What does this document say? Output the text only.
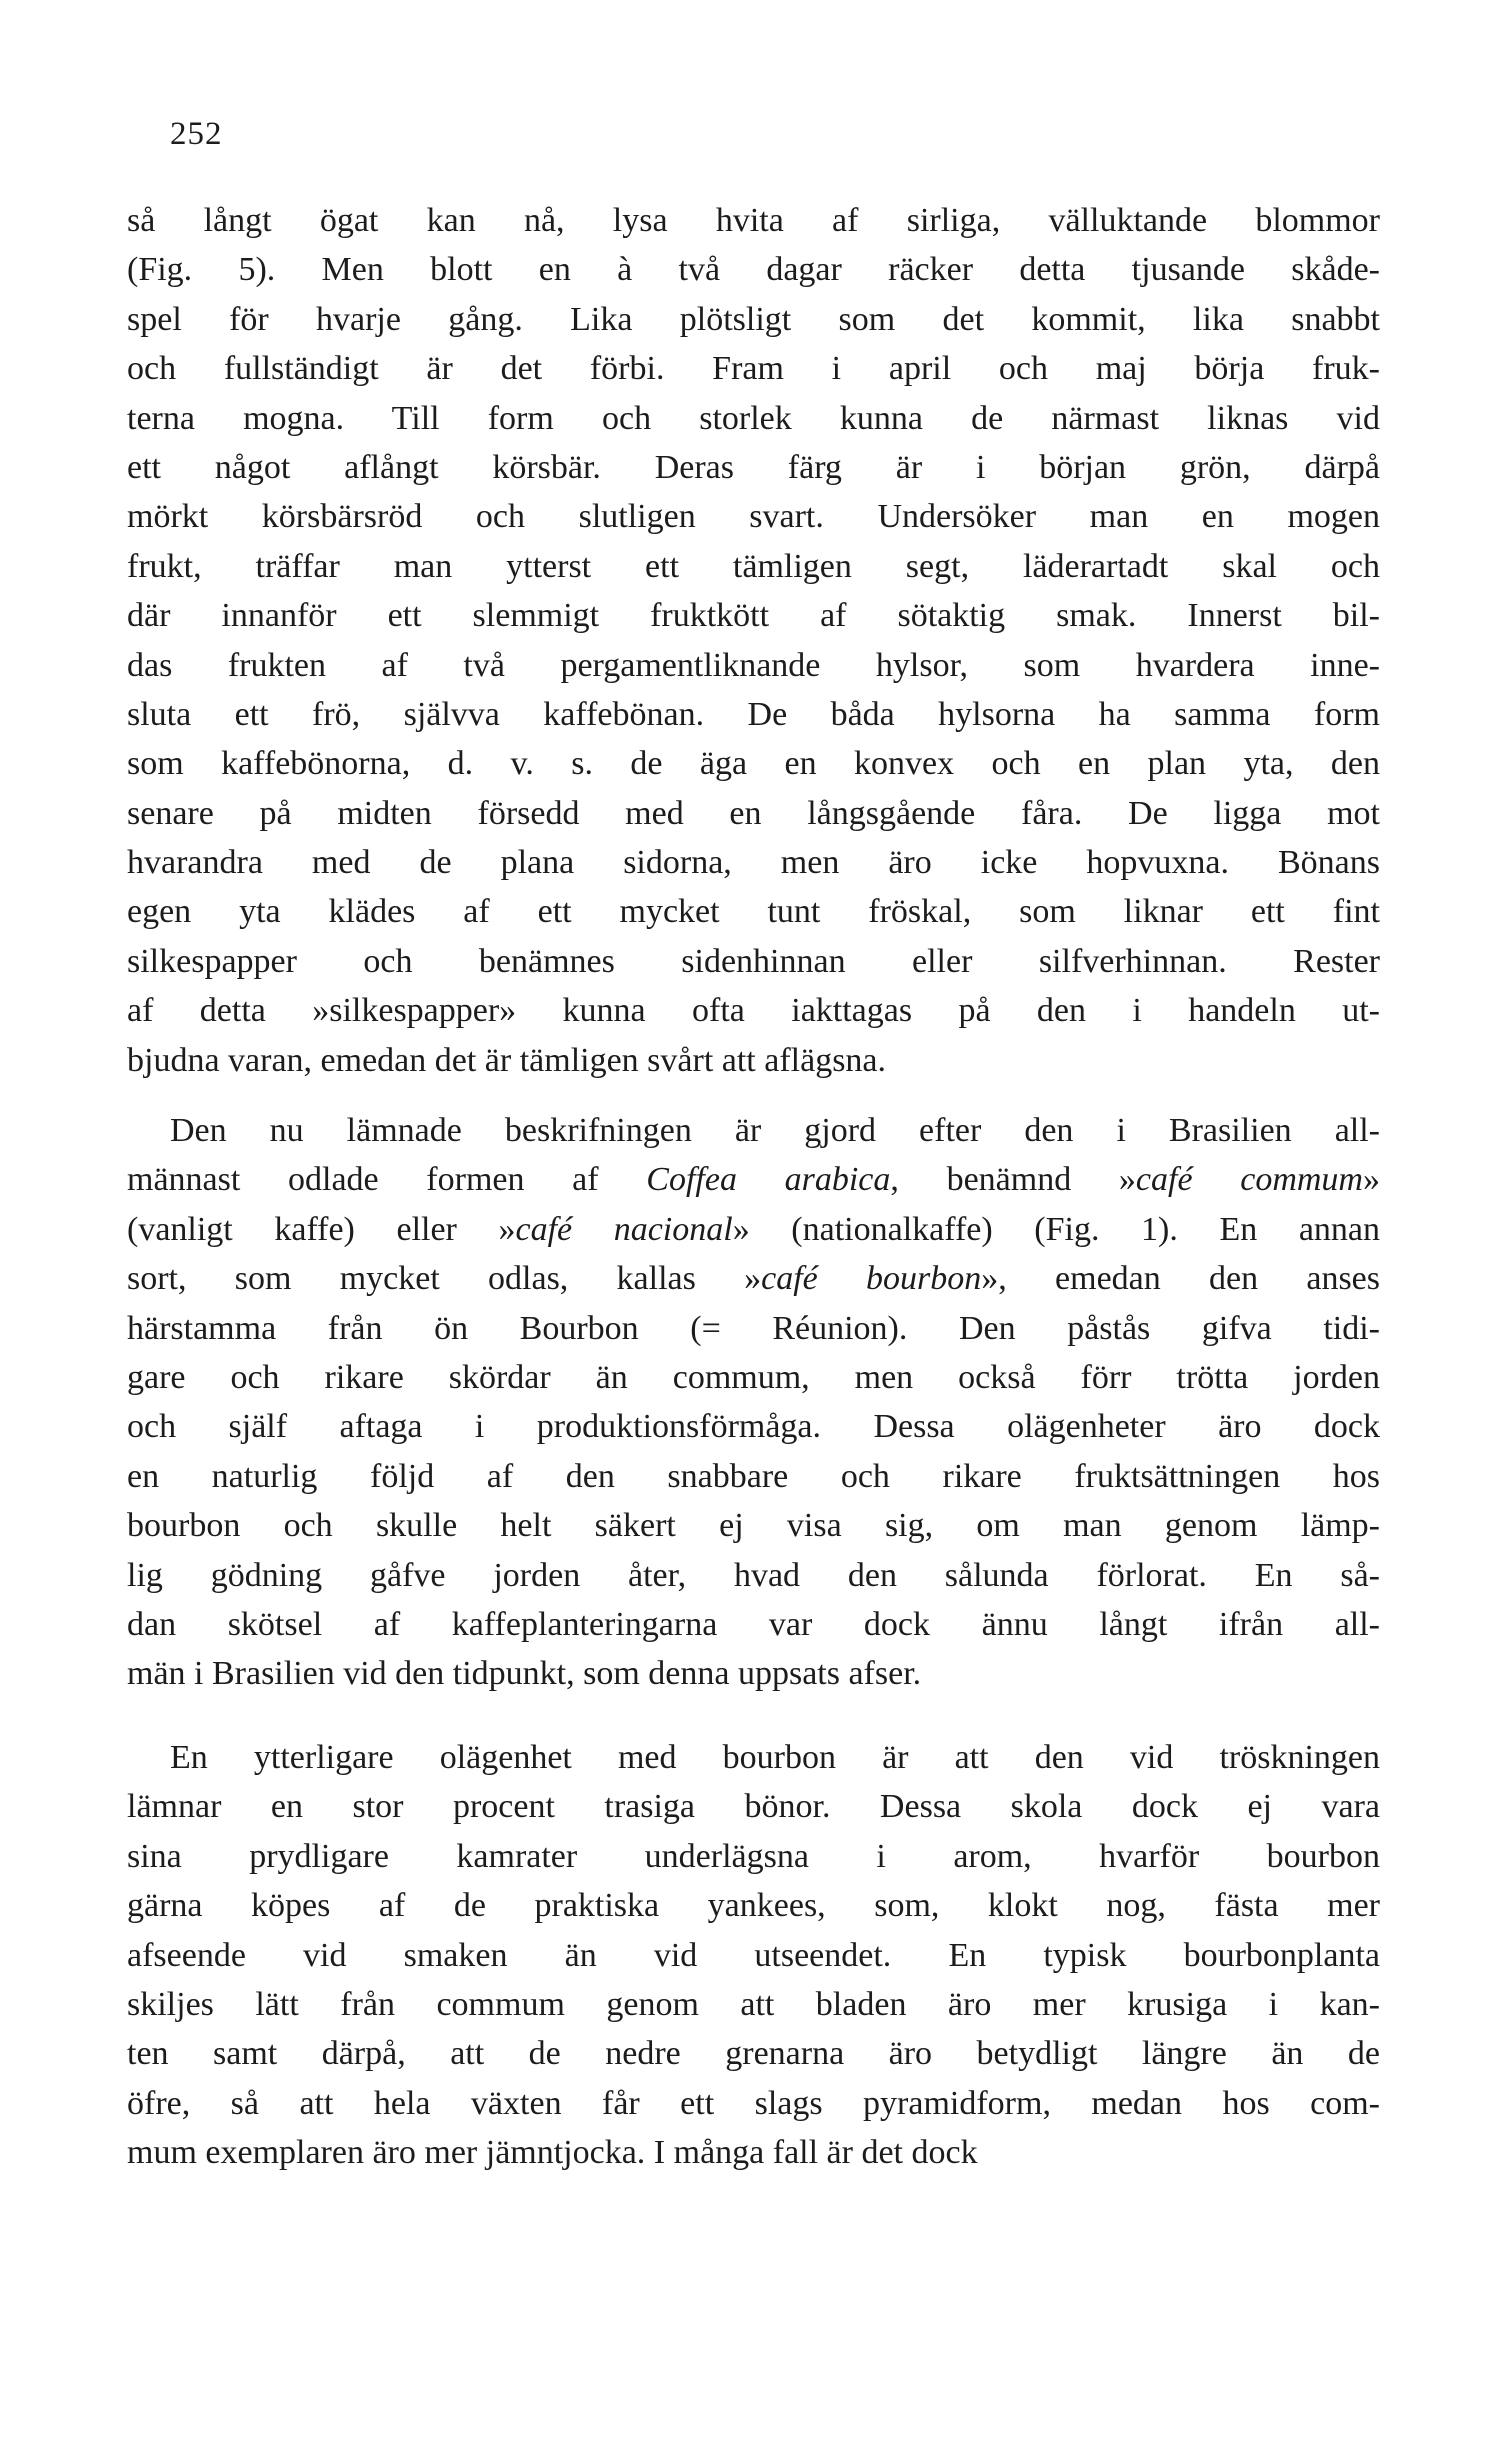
252
så långt ögat kan nå, lysa hvita af sirliga, välluktande blommor
(Fig. 5). Men blott en à två dagar räcker detta tjusande skåde-
spel för hvarje gång. Lika plötsligt som det kommit, lika snabbt
och fullständigt är det förbi. Fram i april och maj börja fruk-
terna mogna. Till form och storlek kunna de närmast liknas vid
ett något aflångt körsbär. Deras färg är i början grön, därpå
mörkt körsbärsröd och slutligen svart. Undersöker man en mogen
frukt, träffar man ytterst ett tämligen segt, läderartadt skal och
där innanför ett slemmigt fruktkött af sötaktig smak. Innerst bil-
das frukten af två pergamentliknande hylsor, som hvardera inne-
sluta ett frö, självva kaffebönan. De båda hylsorna ha samma form
som kaffebönorna, d. v. s. de äga en konvex och en plan yta, den
senare på midten försedd med en långsgående fåra. De ligga mot
hvarandra med de plana sidorna, men äro icke hopvuxna. Bönans
egen yta klädes af ett mycket tunt fröskal, som liknar ett fint
silkespapper och benämnes sidenhinnan eller silfverhinnan. Rester
af detta »silkespapper» kunna ofta iakttagas på den i handeln ut-
bjudna varan, emedan det är tämligen svårt att aflägsna.
Den nu lämnade beskrifningen är gjord efter den i Brasilien all-
männast odlade formen af Coffea arabica, benämnd »café commum»
(vanligt kaffe) eller »café nacional» (nationalkaffe) (Fig. 1). En annan
sort, som mycket odlas, kallas »café bourbon», emedan den anses
härstamma från ön Bourbon (= Réunion). Den påstås gifva tidi-
gare och rikare skördar än commum, men också förr trötta jorden
och själf aftaga i produktionsförmåga. Dessa olägenheter äro dock
en naturlig följd af den snabbare och rikare fruktsättningen hos
bourbon och skulle helt säkert ej visa sig, om man genom lämp-
lig gödning gåfve jorden åter, hvad den sålunda förlorat. En så-
dan skötsel af kaffeplanteringarna var dock ännu långt ifrån all-
män i Brasilien vid den tidpunkt, som denna uppsats afser.
En ytterligare olägenhet med bourbon är att den vid tröskningen
lämnar en stor procent trasiga bönor. Dessa skola dock ej vara
sina prydligare kamrater underlägsna i arom, hvarför bourbon
gärna köpes af de praktiska yankees, som, klokt nog, fästa mer
afseende vid smaken än vid utseendet. En typisk bourbonplanta
skiljes lätt från commum genom att bladen äro mer krusiga i kan-
ten samt därpå, att de nedre grenarna äro betydligt längre än de
öfre, så att hela växten får ett slags pyramidform, medan hos com-
mum exemplaren äro mer jämntjocka. I många fall är det dock
